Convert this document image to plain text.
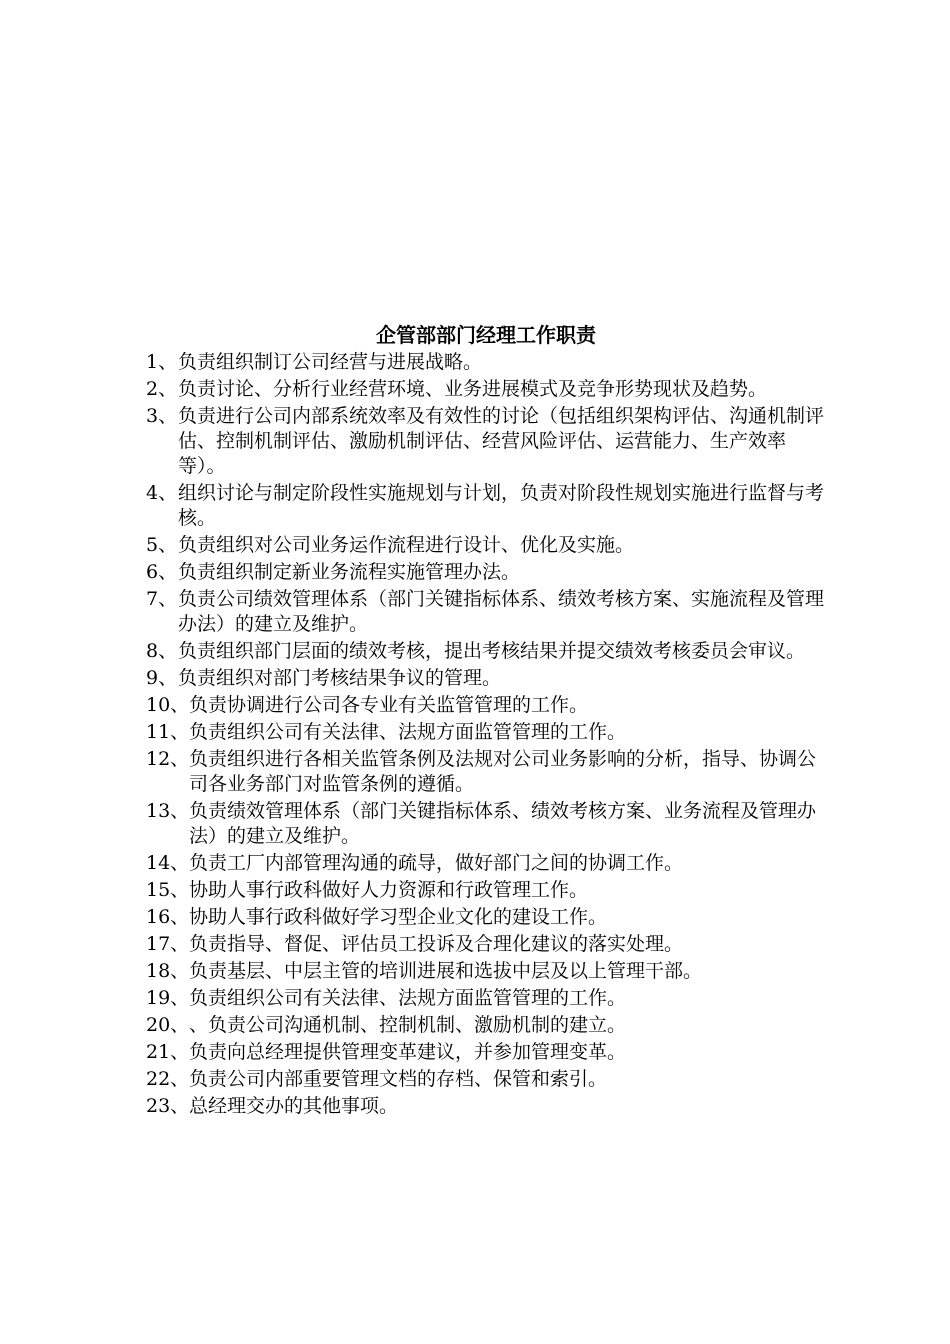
企管部部门经理工作职责
1、 负责组织制订公司经营与进展战略。
2、 负责讨论、分析行业经营环境、业务进展模式及竞争形势现状及趋势。
3、 负责进行公司内部系统效率及有效性的讨论（包括组织架构评估、沟通机制评估、控制机制评估、激励机制评估、经营风险评估、运营能力、生产效率等）。
4、 组织讨论与制定阶段性实施规划与计划，负责对阶段性规划实施进行监督与考核。
5、 负责组织对公司业务运作流程进行设计、优化及实施。
6、 负责组织制定新业务流程实施管理办法。
7、 负责公司绩效管理体系（部门关键指标体系、绩效考核方案、实施流程及管理办法）的建立及维护。
8、 负责组织部门层面的绩效考核，提出考核结果并提交绩效考核委员会审议。
9、 负责组织对部门考核结果争议的管理。
10、 负责协调进行公司各专业有关监管管理的工作。
11、 负责组织公司有关法律、法规方面监管管理的工作。
12、 负责组织进行各相关监管条例及法规对公司业务影响的分析，指导、协调公司各业务部门对监管条例的遵循。
13、 负责绩效管理体系（部门关键指标体系、绩效考核方案、业务流程及管理办法）的建立及维护。
14、 负责工厂内部管理沟通的疏导，做好部门之间的协调工作。
15、 协助人事行政科做好人力资源和行政管理工作。
16、 协助人事行政科做好学习型企业文化的建设工作。
17、 负责指导、督促、评估员工投诉及合理化建议的落实处理。
18、 负责基层、中层主管的培训进展和选拔中层及以上管理干部。
19、 负责组织公司有关法律、法规方面监管管理的工作。
20、 、负责公司沟通机制、控制机制、激励机制的建立。
21、 负责向总经理提供管理变革建议，并参加管理变革。
22、 负责公司内部重要管理文档的存档、保管和索引。
23、 总经理交办的其他事项。
